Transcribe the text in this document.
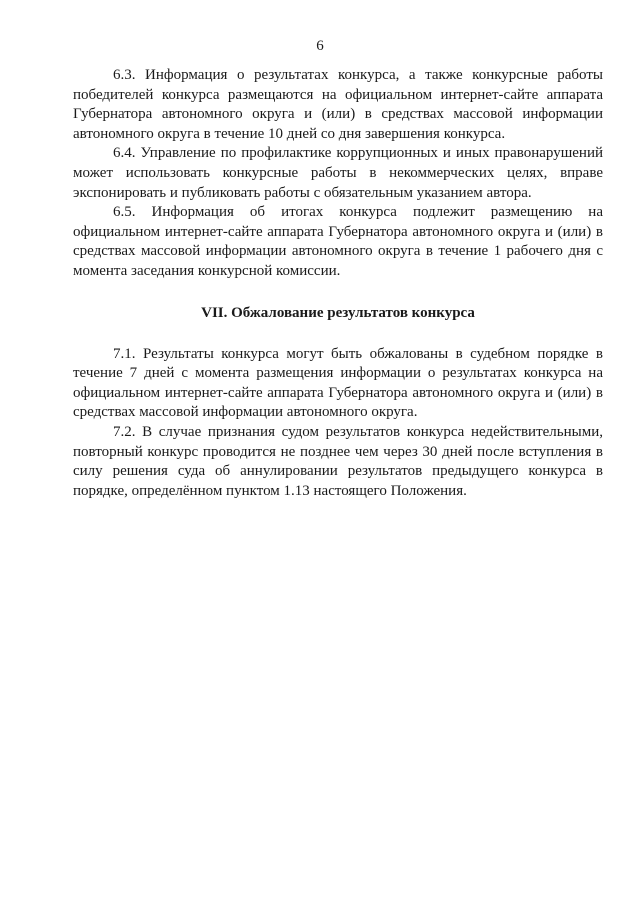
6

6.3. Информация о результатах конкурса, а также конкурсные работы победителей конкурса размещаются на официальном интернет-сайте аппарата Губернатора автономного округа и (или) в средствах массовой информации автономного округа в течение 10 дней со дня завершения конкурса.

6.4. Управление по профилактике коррупционных и иных правонарушений может использовать конкурсные работы в некоммерческих целях, вправе экспонировать и публиковать работы с обязательным указанием автора.

6.5. Информация об итогах конкурса подлежит размещению на официальном интернет-сайте аппарата Губернатора автономного округа и (или) в средствах массовой информации автономного округа в течение 1 рабочего дня с момента заседания конкурсной комиссии.

VII. Обжалование результатов конкурса

7.1. Результаты конкурса могут быть обжалованы в судебном порядке в течение 7 дней с момента размещения информации о результатах конкурса на официальном интернет-сайте аппарата Губернатора автономного округа и (или) в средствах массовой информации автономного округа.

7.2. В случае признания судом результатов конкурса недействительными, повторный конкурс проводится не позднее чем через 30 дней после вступления в силу решения суда об аннулировании результатов предыдущего конкурса в порядке, определённом пунктом 1.13 настоящего Положения.
